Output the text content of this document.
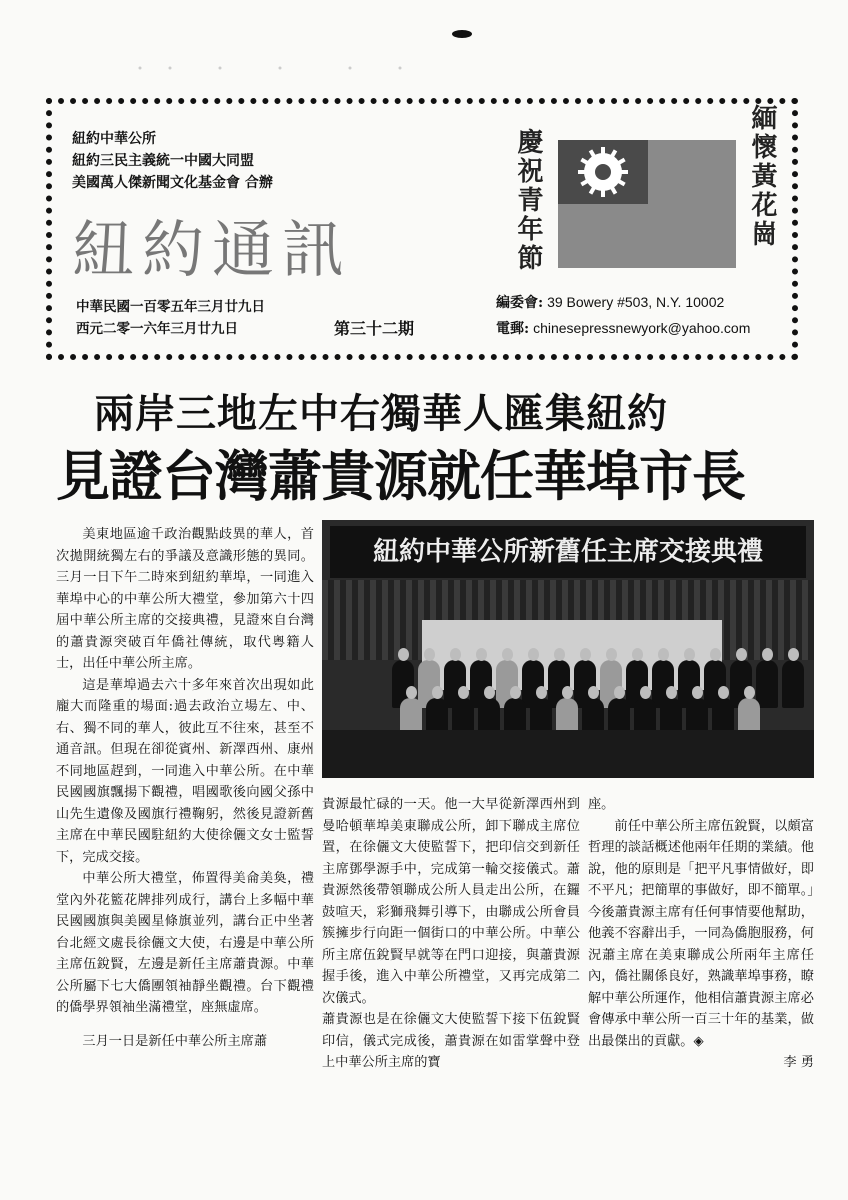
紐約中華公所
紐約三民主義統一中國大同盟
美國萬人傑新聞文化基金會 合辦
紐約通訊
中華民國一百零五年三月廿九日
西元二零一六年三月廿九日	第三十二期
慶祝青年節	緬懷黃花崗
編委會: 39 Bowery #503, N.Y. 10002
電郵: chinesepressnewyork@yahoo.com
兩岸三地左中右獨華人匯集紐約
見證台灣蕭貴源就任華埠市長
紐約中華公所新舊任主席交接典禮

美東地區逾千政治觀點歧異的華人，首次拋開統獨左右的爭議及意識形態的異同。三月一日下午二時來到紐約華埠，一同進入華埠中心的中華公所大禮堂，參加第六十四屆中華公所主席的交接典禮，見證來自台灣的蕭貴源突破百年僑社傳統，取代粵籍人士，出任中華公所主席。

這是華埠過去六十多年來首次出現如此龐大而隆重的場面:過去政治立場左、中、右、獨不同的華人，彼此互不往來，甚至不通音訊。但現在卻從賓州、新澤西州、康州不同地區趕到，一同進入中華公所。在中華民國國旗飄揚下觀禮，唱國歌後向國父孫中山先生遺像及國旗行禮鞠躬，然後見證新舊主席在中華民國駐紐約大使徐儷文女士監誓下，完成交接。

中華公所大禮堂，佈置得美侖美奐，禮堂內外花籃花牌排列成行，講台上多幅中華民國國旗與美國星條旗並列，講台正中坐著台北經文處長徐儷文大使，右邊是中華公所主席伍銳賢，左邊是新任主席蕭貴源。中華公所屬下七大僑團領袖靜坐觀禮。台下觀禮的僑學界領袖坐滿禮堂，座無虛席。

三月一日是新任中華公所主席蕭

貴源最忙碌的一天。他一大早從新澤西州到曼哈頓華埠美東聯成公所，卸下聯成主席位置，在徐儷文大使監誓下，把印信交到新任主席鄧學源手中，完成第一輪交接儀式。蕭貴源然後帶領聯成公所人員走出公所，在鑼鼓喧天，彩獅飛舞引導下，由聯成公所會員簇擁步行向距一個街口的中華公所。中華公所主席伍銳賢早就等在門口迎接，與蕭貴源握手後，進入中華公所禮堂，又再完成第二次儀式。

蕭貴源也是在徐儷文大使監誓下接下伍銳賢印信，儀式完成後，蕭貴源在如雷掌聲中登上中華公所主席的寶

座。

前任中華公所主席伍銳賢，以頗富哲理的談話概述他兩年任期的業績。他說，他的原則是「把平凡事情做好，即不平凡；把簡單的事做好，即不簡單。」今後蕭貴源主席有任何事情要他幫助，他義不容辭出手，一同為僑胞服務，何況蕭主席在美東聯成公所兩年主席任內，僑社關係良好，熟識華埠事務，瞭解中華公所運作，他相信蕭貴源主席必會傳承中華公所一百三十年的基業，做出最傑出的貢獻。◈

李 勇
